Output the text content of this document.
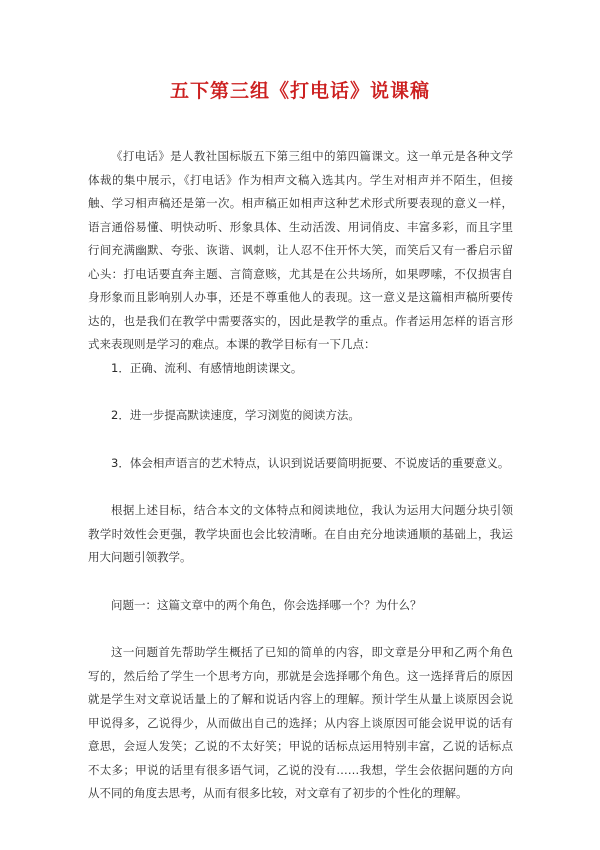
五下第三组《打电话》说课稿

《打电话》是人教社国标版五下第三组中的第四篇课文。这一单元是各种文学体裁的集中展示，《打电话》作为相声文稿入选其内。学生对相声并不陌生，但接触、学习相声稿还是第一次。相声稿正如相声这种艺术形式所要表现的意义一样，语言通俗易懂、明快动听、形象具体、生动活泼、用词俏皮、丰富多彩，而且字里行间充满幽默、夸张、诙谐、讽刺，让人忍不住开怀大笑，而笑后又有一番启示留心头：打电话要直奔主题、言简意赅，尤其是在公共场所，如果啰嗦，不仅损害自身形象而且影响别人办事，还是不尊重他人的表现。这一意义是这篇相声稿所要传达的，也是我们在教学中需要落实的，因此是教学的重点。作者运用怎样的语言形式来表现则是学习的难点。本课的教学目标有一下几点：

1．正确、流利、有感情地朗读课文。

2．进一步提高默读速度，学习浏览的阅读方法。

3．体会相声语言的艺术特点，认识到说话要简明扼要、不说废话的重要意义。

根据上述目标，结合本文的文体特点和阅读地位，我认为运用大问题分块引领教学时效性会更强，教学块面也会比较清晰。在自由充分地读通顺的基础上，我运用大问题引领教学。

问题一：这篇文章中的两个角色，你会选择哪一个？为什么？

这一问题首先帮助学生概括了已知的简单的内容，即文章是分甲和乙两个角色写的，然后给了学生一个思考方向，那就是会选择哪个角色。这一选择背后的原因就是学生对文章说话量上的了解和说话内容上的理解。预计学生从量上谈原因会说甲说得多，乙说得少，从而做出自己的选择；从内容上谈原因可能会说甲说的话有意思，会逗人发笑；乙说的不太好笑；甲说的话标点运用特别丰富，乙说的话标点不太多；甲说的话里有很多语气词，乙说的没有……我想，学生会依据问题的方向从不同的角度去思考，从而有很多比较，对文章有了初步的个性化的理解。
